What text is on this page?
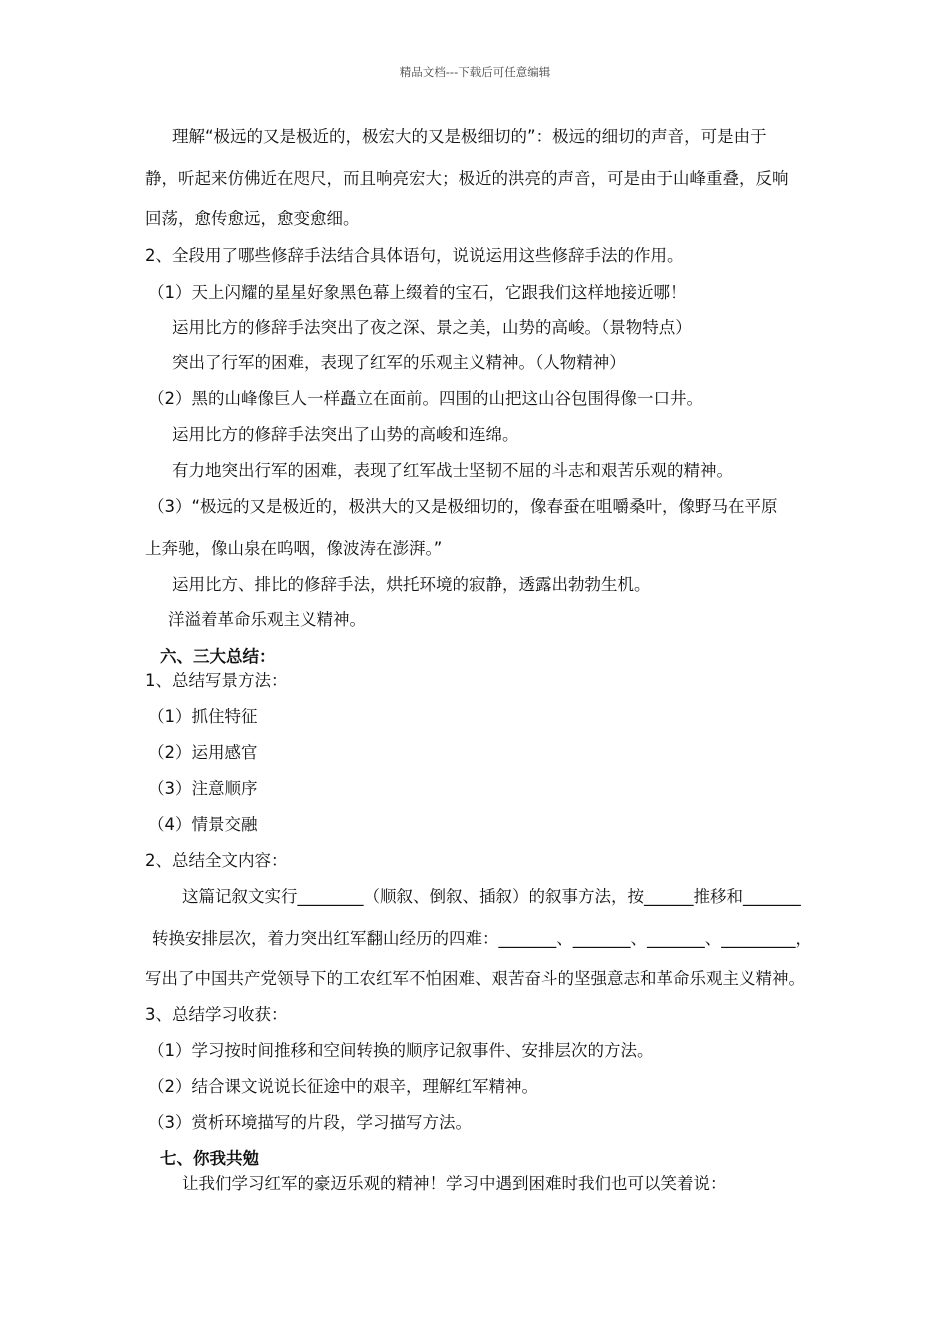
精品文档---下载后可任意编辑
理解“极远的又是极近的，极宏大的又是极细切的”：极远的细切的声音，可是由于
静，听起来仿佛近在咫尺，而且响亮宏大；极近的洪亮的声音，可是由于山峰重叠，反响
回荡，愈传愈远，愈变愈细。
2、全段用了哪些修辞手法结合具体语句，说说运用这些修辞手法的作用。
（1）天上闪耀的星星好象黑色幕上缀着的宝石，它跟我们这样地接近哪！
运用比方的修辞手法突出了夜之深、景之美，山势的高峻。（景物特点）
突出了行军的困难，表现了红军的乐观主义精神。（人物精神）
（2）黑的山峰像巨人一样矗立在面前。四围的山把这山谷包围得像一口井。
运用比方的修辞手法突出了山势的高峻和连绵。
有力地突出行军的困难，表现了红军战士坚韧不屈的斗志和艰苦乐观的精神。
（3）“极远的又是极近的，极洪大的又是极细切的，像春蚕在咀嚼桑叶，像野马在平原
上奔驰，像山泉在呜咽，像波涛在澎湃。”
运用比方、排比的修辞手法，烘托环境的寂静，透露出勃勃生机。
洋溢着革命乐观主义精神。
六、三大总结：
1、总结写景方法：
（1）抓住特征
（2）运用感官
（3）注意顺序
（4）情景交融
2、总结全文内容：
这篇记叙文实行________（顺叙、倒叙、插叙）的叙事方法，按______推移和_______
转换安排层次，着力突出红军翻山经历的四难：_______、_______、_______、_________，
写出了中国共产党领导下的工农红军不怕困难、艰苦奋斗的坚强意志和革命乐观主义精神。
3、总结学习收获：
（1）学习按时间推移和空间转换的顺序记叙事件、安排层次的方法。
（2）结合课文说说长征途中的艰辛，理解红军精神。
（3）赏析环境描写的片段，学习描写方法。
七、你我共勉
让我们学习红军的豪迈乐观的精神！学习中遇到困难时我们也可以笑着说：
